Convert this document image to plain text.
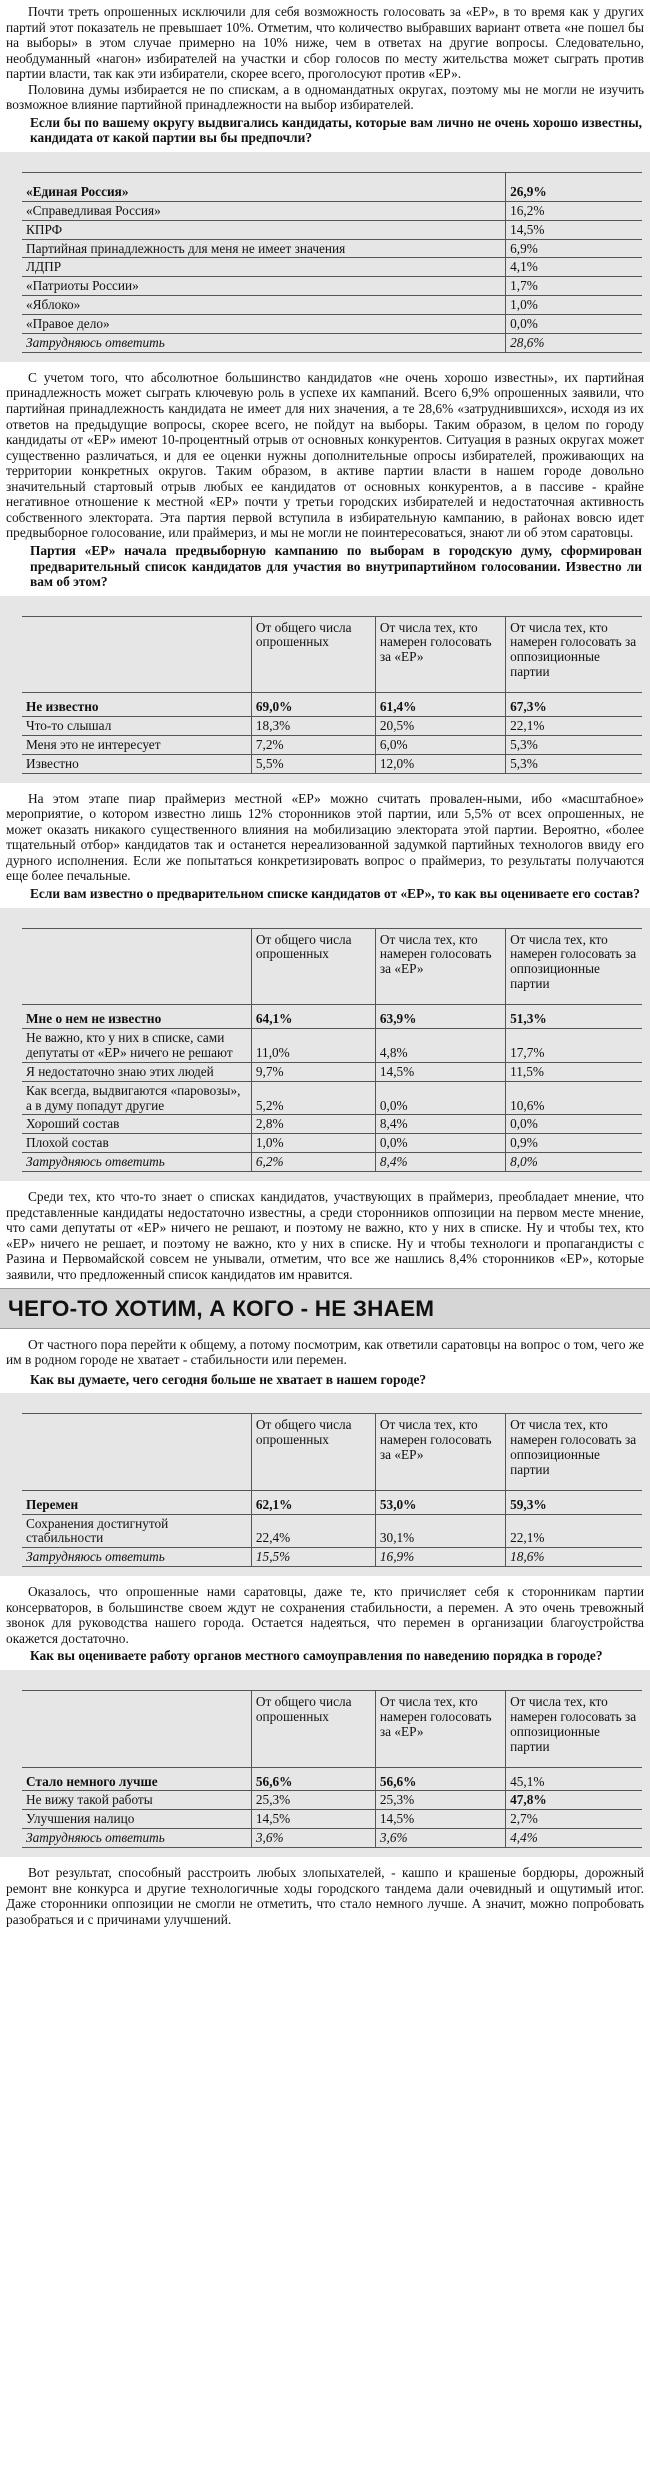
Почти треть опрошенных исключили для себя возможность голосовать за «ЕР», в то время как у других партий этот показатель не превышает 10%. Отметим, что количество выбравших вариант ответа «не пошел бы на выборы» в этом случае примерно на 10% ниже, чем в ответах на другие вопросы. Следовательно, необдуманный «нагон» избирателей на участки и сбор голосов по месту жительства может сыграть против партии власти, так как эти избиратели, скорее всего, проголосуют против «ЕР».

Половина думы избирается не по спискам, а в одномандатных округах, поэтому мы не могли не изучить возможное влияние партийной принадлежности на выбор избирателей.

Если бы по вашему округу выдвигались кандидаты, которые вам лично не очень хорошо известны, кандидата от какой партии вы бы предпочли?
«Единая Россия»	26,9%
«Справедливая Россия»	16,2%
КПРФ	14,5%
Партийная принадлежность для меня не имеет значения	6,9%
ЛДПР	4,1%
«Патриоты России»	1,7%
«Яблоко»	1,0%
«Правое дело»	0,0%
Затрудняюсь ответить	28,6%

С учетом того, что абсолютное большинство кандидатов «не очень хорошо известны», их партийная принадлежность может сыграть ключевую роль в успехе их кампаний. Всего 6,9% опрошенных заявили, что партийная принадлежность кандидата не имеет для них значения, а те 28,6% «затруднившихся», исходя из их ответов на предыдущие вопросы, скорее всего, не пойдут на выборы. Таким образом, в целом по городу кандидаты от «ЕР» имеют 10-процентный отрыв от основных конкурентов. Ситуация в разных округах может существенно различаться, и для ее оценки нужны дополнительные опросы избирателей, проживающих на территории конкретных округов. Таким образом, в активе партии власти в нашем городе довольно значительный стартовый отрыв любых ее кандидатов от основных конкурентов, а в пассиве - крайне негативное отношение к местной «ЕР» почти у третьи городских избирателей и недостаточная активность собственного электората. Эта партия первой вступила в избирательную кампанию, в районах вовсю идет предвыборное голосование, или праймериз, и мы не могли не поинтересоваться, знают ли об этом саратовцы.

Партия «ЕР» начала предвыборную кампанию по выборам в городскую думу, сформирован предварительный список кандидатов для участия во внутрипартийном голосовании. Известно ли вам об этом?
	От общего числа опрошенных	От числа тех, кто намерен голосовать за «ЕР»	От числа тех, кто намерен голосовать за оппозиционные партии
Не известно	69,0%	61,4%	67,3%
Что-то слышал	18,3%	20,5%	22,1%
Меня это не интересует	7,2%	6,0%	5,3%
Известно	5,5%	12,0%	5,3%

На этом этапе пиар праймериз местной «ЕР» можно считать провален-ными, ибо «масштабное» мероприятие, о котором известно лишь 12% сторонников этой партии, или 5,5% от всех опрошенных, не может оказать никакого существенного влияния на мобилизацию электората этой партии. Вероятно, «более тщательный отбор» кандидатов так и останется нереализованной задумкой партийных технологов ввиду его дурного исполнения. Если же попытаться конкретизировать вопрос о праймериз, то результаты получаются еще более печальные.

Если вам известно о предварительном списке кандидатов от «ЕР», то как вы оцениваете его состав?
	От общего числа опрошенных	От числа тех, кто намерен голосовать за «ЕР»	От числа тех, кто намерен голосовать за оппозиционные партии
Мне о нем не известно	64,1%	63,9%	51,3%
Не важно, кто у них в списке, сами депутаты от «ЕР» ничего не решают	11,0%	4,8%	17,7%
Я недостаточно знаю этих людей	9,7%	14,5%	11,5%
Как всегда, выдвигаются «паровозы», а в думу попадут другие	5,2%	0,0%	10,6%
Хороший состав	2,8%	8,4%	0,0%
Плохой состав	1,0%	0,0%	0,9%
Затрудняюсь ответить	6,2%	8,4%	8,0%

Среди тех, кто что-то знает о списках кандидатов, участвующих в праймериз, преобладает мнение, что представленные кандидаты недостаточно известны, а среди сторонников оппозиции на первом месте мнение, что сами депутаты от «ЕР» ничего не решают, и поэтому не важно, кто у них в списке. Ну и чтобы тех, кто «ЕР» ничего не решает, и поэтому не важно, кто у них в списке. Ну и чтобы технологи и пропагандисты с Разина и Первомайской совсем не унывали, отметим, что все же нашлись 8,4% сторонников «ЕР», которые заявили, что предложенный список кандидатов им нравится.

ЧЕГО-ТО ХОТИМ, А КОГО - НЕ ЗНАЕМ

От частного пора перейти к общему, а потому посмотрим, как ответили саратовцы на вопрос о том, чего же им в родном городе не хватает - стабильности или перемен.

Как вы думаете, чего сегодня больше не хватает в нашем городе?
	От общего числа опрошенных	От числа тех, кто намерен голосовать за «ЕР»	От числа тех, кто намерен голосовать за оппозиционные партии
Перемен	62,1%	53,0%	59,3%
Сохранения достигнутой стабильности	22,4%	30,1%	22,1%
Затрудняюсь ответить	15,5%	16,9%	18,6%

Оказалось, что опрошенные нами саратовцы, даже те, кто причисляет себя к сторонникам партии консерваторов, в большинстве своем ждут не сохранения стабильности, а перемен. А это очень тревожный звонок для руководства нашего города. Остается надеяться, что перемен в организации благоустройства окажется достаточно.

Как вы оцениваете работу органов местного самоуправления по наведению порядка в городе?
	От общего числа опрошенных	От числа тех, кто намерен голосовать за «ЕР»	От числа тех, кто намерен голосовать за оппозиционные партии
Стало немного лучше	56,6%	56,6%	45,1%
Не вижу такой работы	25,3%	25,3%	47,8%
Улучшения налицо	14,5%	14,5%	2,7%
Затрудняюсь ответить	3,6%	3,6%	4,4%

Вот результат, способный расстроить любых злопыхателей, - кашпо и крашеные бордюры, дорожный ремонт вне конкурса и другие технологичные ходы городского тандема дали очевидный и ощутимый итог. Даже сторонники оппозиции не смогли не отметить, что стало немного лучше. А значит, можно попробовать разобраться и с причинами улучшений.
